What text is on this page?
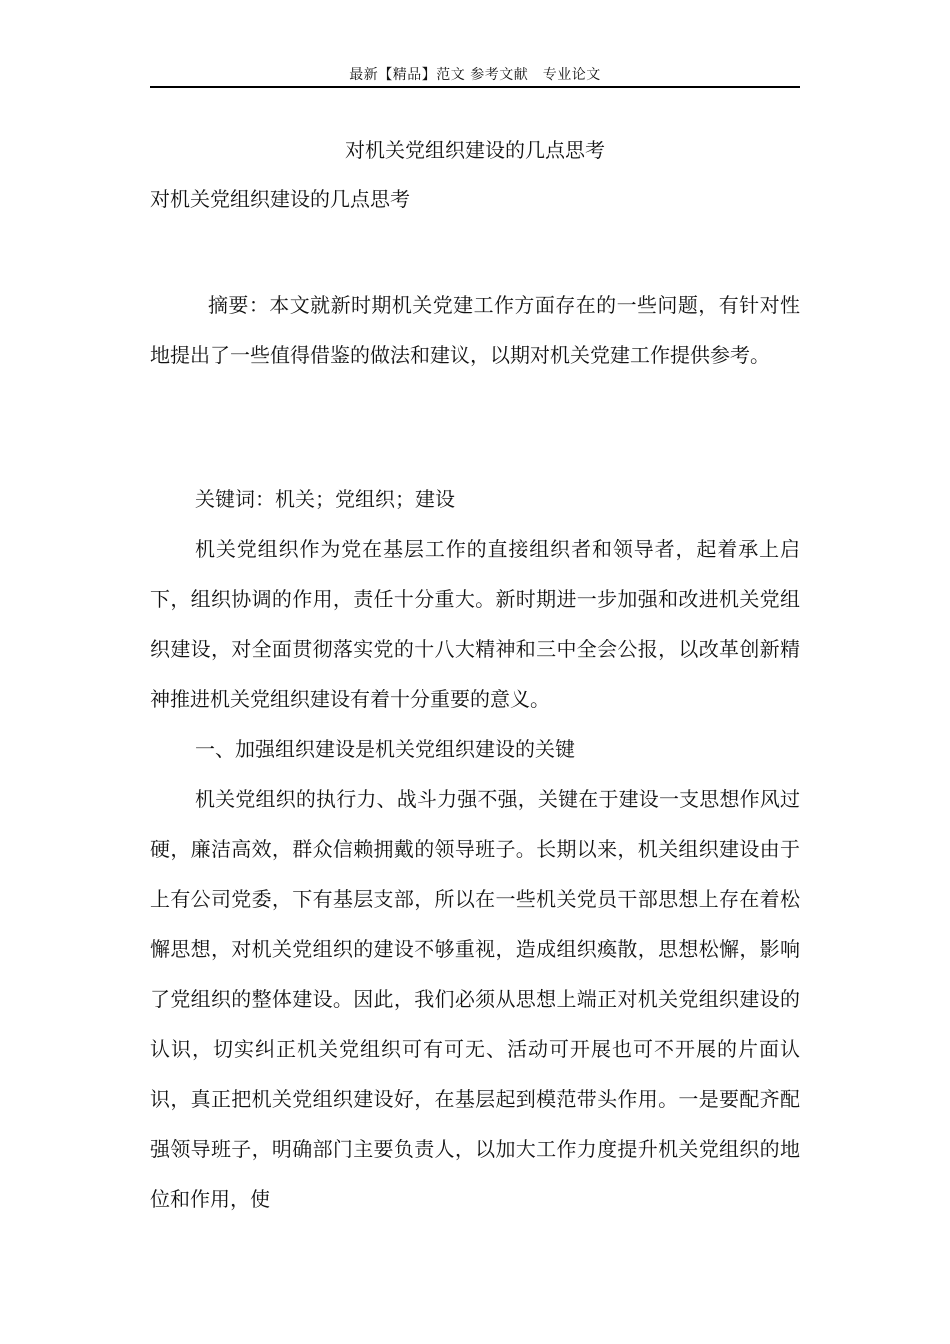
最新【精品】范文 参考文献　专业论文
对机关党组织建设的几点思考
对机关党组织建设的几点思考
摘要：本文就新时期机关党建工作方面存在的一些问题，有针对性地提出了一些值得借鉴的做法和建议，以期对机关党建工作提供参考。
关键词：机关；党组织；建设

机关党组织作为党在基层工作的直接组织者和领导者，起着承上启下，组织协调的作用，责任十分重大。新时期进一步加强和改进机关党组织建设，对全面贯彻落实党的十八大精神和三中全会公报，以改革创新精神推进机关党组织建设有着十分重要的意义。

一、加强组织建设是机关党组织建设的关键

机关党组织的执行力、战斗力强不强，关键在于建设一支思想作风过硬，廉洁高效，群众信赖拥戴的领导班子。长期以来，机关组织建设由于上有公司党委，下有基层支部，所以在一些机关党员干部思想上存在着松懈思想，对机关党组织的建设不够重视，造成组织瘓散，思想松懈，影响了党组织的整体建设。因此，我们必须从思想上端正对机关党组织建设的认识，切实纠正机关党组织可有可无、活动可开展也可不开展的片面认识，真正把机关党组织建设好，在基层起到模范带头作用。一是要配齐配强领导班子，明确部门主要负责人，以加大工作力度提升机关党组织的地位和作用，使
